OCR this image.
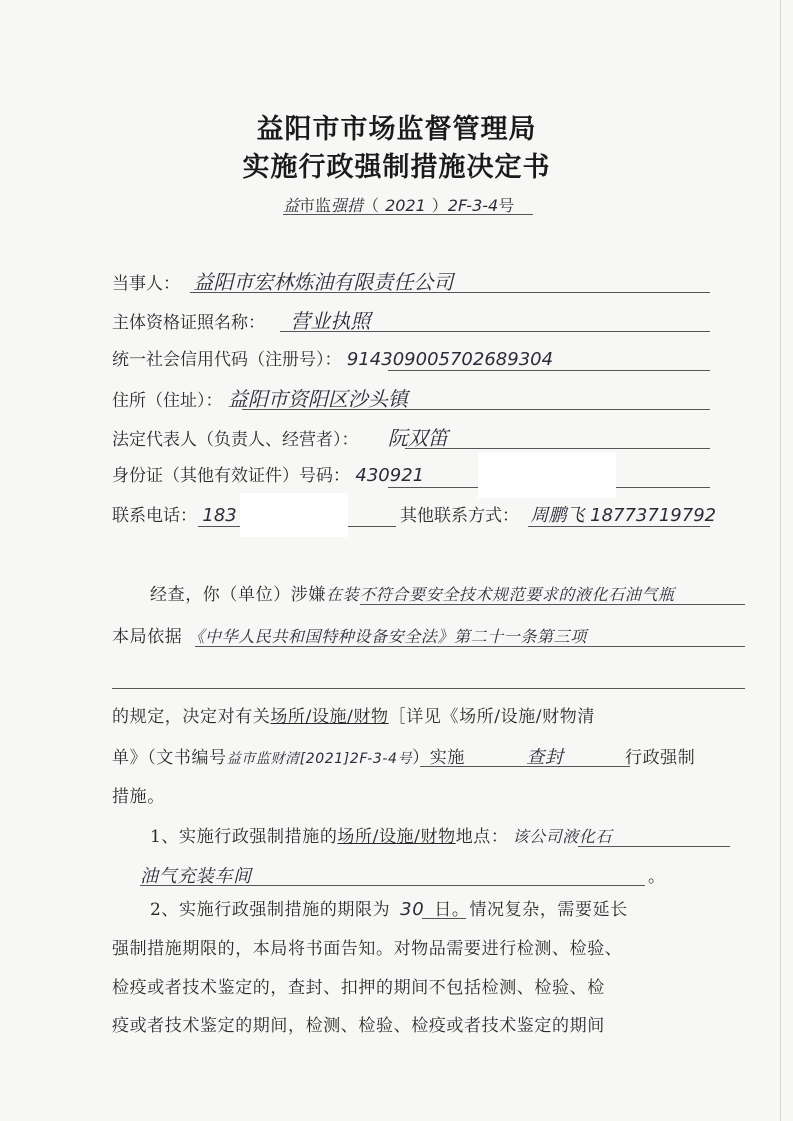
益阳市市场监督管理局
实施行政强制措施决定书
益市监强措（ 2021 ）2F-3-4号
当事人： 益阳市宏林炼油有限责任公司
主体资格证照名称： 营业执照
统一社会信用代码（注册号）： 91430900570268930​4
住所（住址）： 益阳市资阳区沙头镇
法定代表人（负责人、经营者）： 阮双笛
身份证（其他有效证件）号码： 430921
联系电话： 183	其他联系方式： 周鹏飞 18773719792
经查，你（单位）涉嫌在装不符合要安全技术规范要求的液化石油气瓶
本局依据 《中华人民共和国特种设备安全法》第二十一条第三项
的规定，决定对有关场所/设施/财物［详见《场所/设施/财物清
单》（文书编号益市监财清[2021]2F-3-4号）实施	查封	行政强制
措施。
1、实施行政强制措施的场所/设施/财物地点： 该公司液化石
油气充装车间	。
2、实施行政强制措施的期限为 30 日。情况复杂，需要延长
强制措施期限的，本局将书面告知。对物品需要进行检测、检验、
检疫或者技术鉴定的，查封、扣押的期间不包括检测、检验、检
疫或者技术鉴定的期间，检测、检验、检疫或者技术鉴定的期间
